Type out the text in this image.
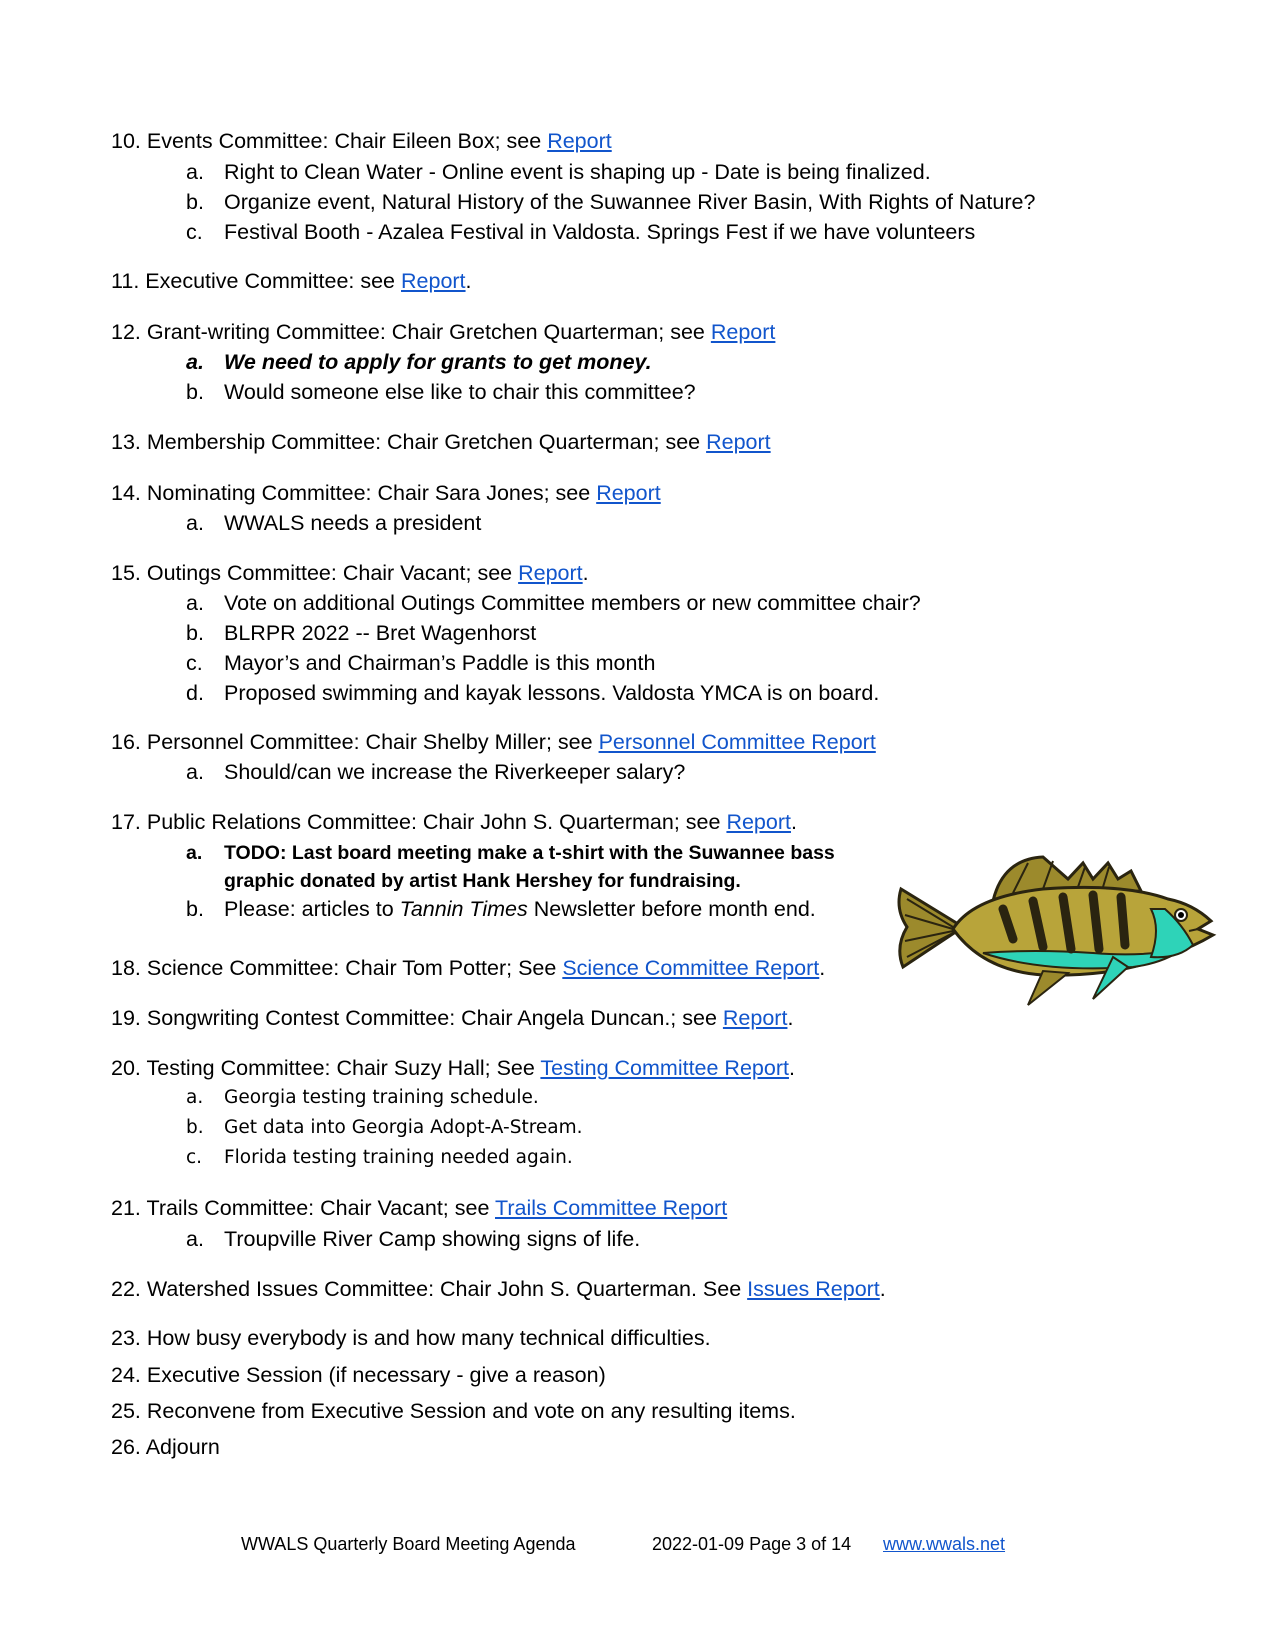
10. Events Committee: Chair Eileen Box; see Report
a. Right to Clean Water - Online event is shaping up - Date is being finalized.
b. Organize event, Natural History of the Suwannee River Basin, With Rights of Nature?
c. Festival Booth - Azalea Festival in Valdosta. Springs Fest if we have volunteers
11. Executive Committee: see Report.
12. Grant-writing Committee: Chair Gretchen Quarterman; see Report
a. We need to apply for grants to get money.
b. Would someone else like to chair this committee?
13. Membership Committee: Chair Gretchen Quarterman; see Report
14. Nominating Committee: Chair Sara Jones; see Report
a. WWALS needs a president
15. Outings Committee: Chair Vacant; see Report.
a. Vote on additional Outings Committee members or new committee chair?
b. BLRPR 2022 -- Bret Wagenhorst
c. Mayor’s and Chairman’s Paddle is this month
d. Proposed swimming and kayak lessons. Valdosta YMCA is on board.
16. Personnel Committee: Chair Shelby Miller; see Personnel Committee Report
a. Should/can we increase the Riverkeeper salary?
17. Public Relations Committee: Chair John S. Quarterman; see Report.
a.	TODO: Last board meeting make a t-shirt with the Suwannee bass
graphic donated by artist Hank Hershey for fundraising.
b. Please: articles to Tannin Times Newsletter before month end.
18. Science Committee: Chair Tom Potter; See Science Committee Report.
19. Songwriting Contest Committee: Chair Angela Duncan.; see Report.
20. Testing Committee: Chair Suzy Hall; See Testing Committee Report.
a.	Georgia testing training schedule.
b.	Get data into Georgia Adopt-A-Stream.
c.	Florida testing training needed again.
21. Trails Committee: Chair Vacant; see Trails Committee Report
a. Troupville River Camp showing signs of life.
22. Watershed Issues Committee: Chair John S. Quarterman. See Issues Report.
23. How busy everybody is and how many technical difficulties.
24. Executive Session (if necessary - give a reason)
25. Reconvene from Executive Session and vote on any resulting items.
26. Adjourn
WWALS Quarterly Board Meeting Agenda	2022-01-09 Page 3 of 14 www.wwals.net
